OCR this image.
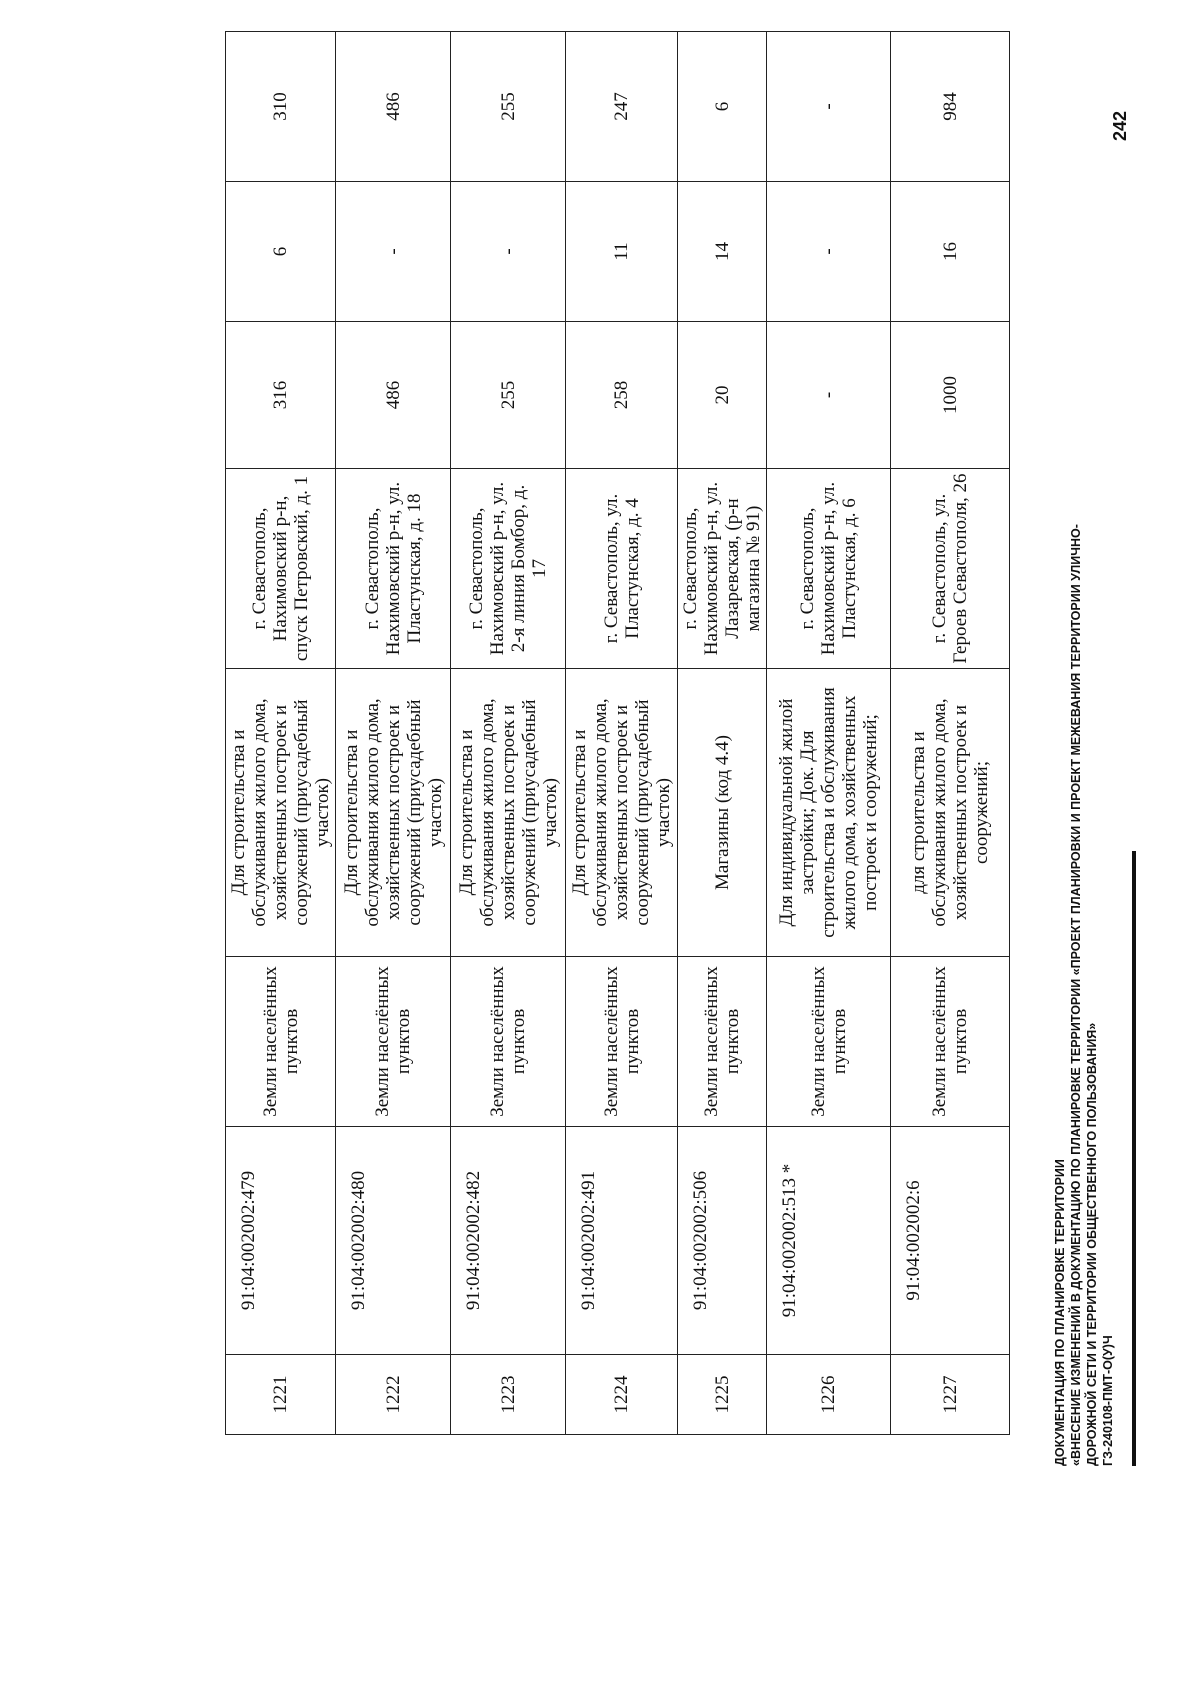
ДОКУМЕНТАЦИЯ ПО ПЛАНИРОВКЕ ТЕРРИТОРИИ «ВНЕСЕНИЕ ИЗМЕНЕНИЙ В ДОКУМЕНТАЦИЮ ПО ПЛАНИРОВКЕ ТЕРРИТОРИИ «ПРОЕКТ ПЛАНИРОВКИ И ПРОЕКТ МЕЖЕВАНИЯ ТЕРРИТОРИИ УЛИЧНО- ДОРОЖНОЙ СЕТИ И ТЕРРИТОРИИ ОБЩЕСТВЕННОГО ПОЛЬЗОВАНИЯ» ГЗ-240108-ПМТ-О(У)Ч
242
1221	91:04:002002:479	Земли населённых пунктов	Для строительства и обслуживания жилого дома, хозяйственных построек и сооружений (приусадебный участок)	г. Севастополь, Нахимовский р-н, спуск Петровский, д. 1	316	6	310
1222	91:04:002002:480	Земли населённых пунктов	Для строительства и обслуживания жилого дома, хозяйственных построек и сооружений (приусадебный участок)	г. Севастополь, Нахимовский р-н, ул. Пластунская, д. 18	486	-	486
1223	91:04:002002:482	Земли населённых пунктов	Для строительства и обслуживания жилого дома, хозяйственных построек и сооружений (приусадебный участок)	г. Севастополь, Нахимовский р-н, ул. 2-я линия Бомбор, д. 17	255	-	255
1224	91:04:002002:491	Земли населённых пунктов	Для строительства и обслуживания жилого дома, хозяйственных построек и сооружений (приусадебный участок)	г. Севастополь, ул. Пластунская, д. 4	258	11	247
1225	91:04:002002:506	Земли населённых пунктов	Магазины (код 4.4)	г. Севастополь, Нахимовский р-н, ул. Лазаревская, (р-н магазина № 91)	20	14	6
1226	91:04:002002:513 *	Земли населённых пунктов	Для индивидуальной жилой застройки; Док. Для строительства и обслуживания жилого дома, хозяйственных построек и сооружений;	г. Севастополь, Нахимовский р-н, ул. Пластунская, д. 6	-	-	-
1227	91:04:002002:6	Земли населённых пунктов	для строительства и обслуживания жилого дома, хозяйственных построек и сооружений;	г. Севастополь, ул. Героев Севастополя, 26	1000	16	984
